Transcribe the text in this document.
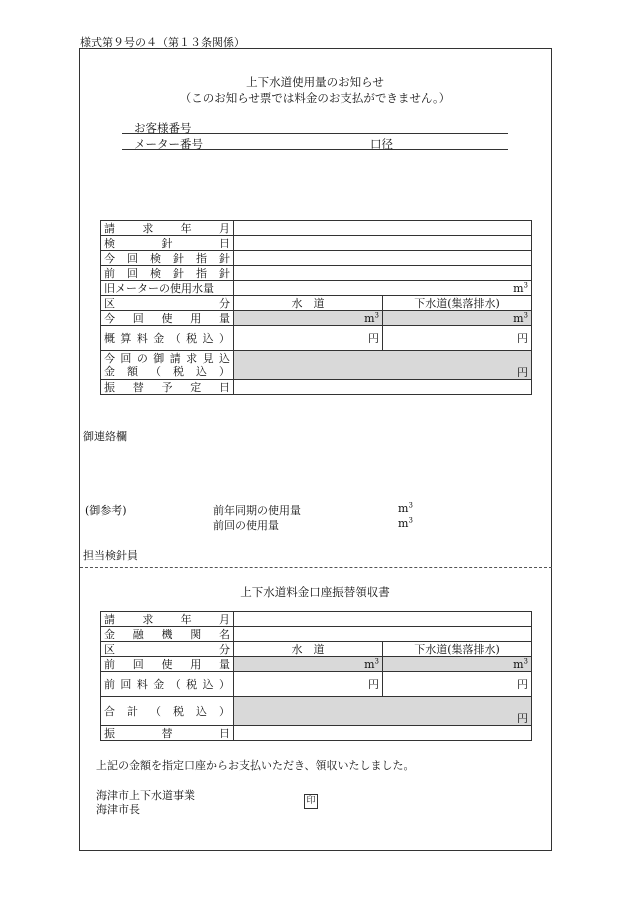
様式第９号の４（第１３条関係）
上下水道使用量のお知らせ
（このお知らせ票では料金のお支払ができません。）
お客様番号
メーター番号	口径
請求年月		
検針日		
今回検針指針		
前回検針指針		
旧メーターの使用水量	$m^3$
区分	水　道	下水道(集落排水)
今回使用量	$m^3$	$m^3$
概算料金（税込）	円	円

今回の御請求見込
金額（税込）	円	
振替予定日		
御連絡欄
(御参考)	前年同期の使用量	$m^3$
前回の使用量	$m^3$
担当検針員
上下水道料金口座振替領収書
請求年月		
金融機関名		
区分	水　道	下水道(集落排水)
前回使用量	$m^3$	$m^3$
前回料金（税込）	円	円
合計（税込）	円	
振替日		
上記の金額を指定口座からお支払いただき、領収いたしました。
海津市上下水道事業
海津市長
印
